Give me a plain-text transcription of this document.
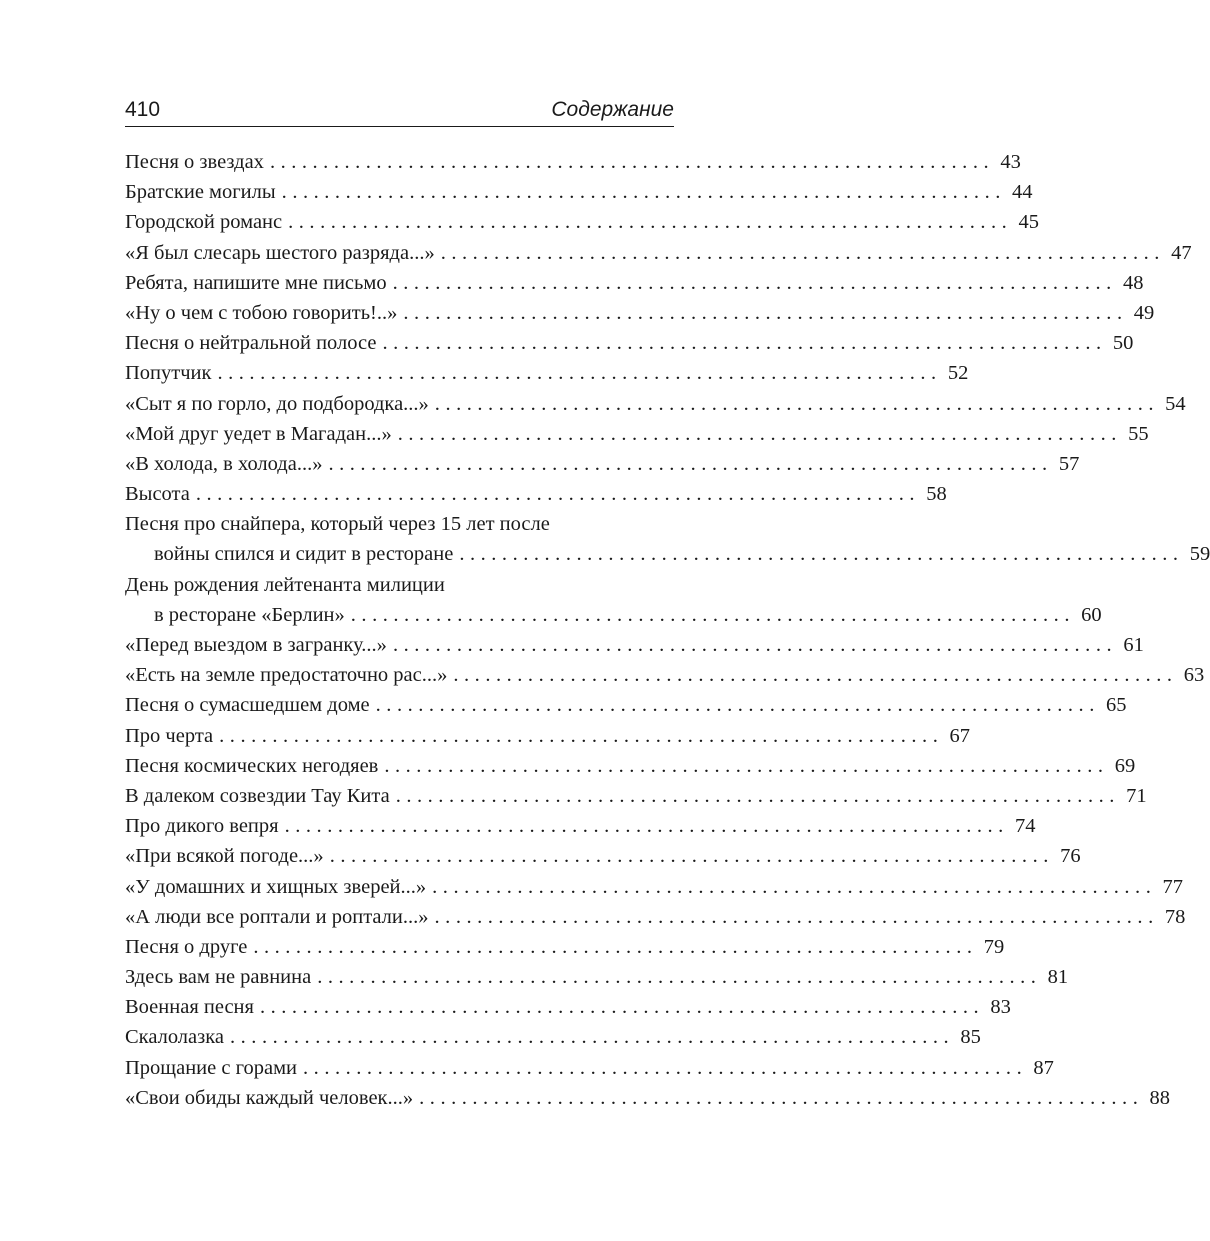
410	Содержание
Песня о звездах . . . . . . . . . . . . . . . . . . . . . . . . . . . . . . . . . . . . . . . . . . . . . . . . . . . . . . . . . . . . . . . . . . . . 43
Братские могилы . . . . . . . . . . . . . . . . . . . . . . . . . . . . . . . . . . . . . . . . . . . . . . . . . . . . . . . . . . . . . . . . . . . . 44
Городской романс . . . . . . . . . . . . . . . . . . . . . . . . . . . . . . . . . . . . . . . . . . . . . . . . . . . . . . . . . . . . . . . . . . . . 45
«Я был слесарь шестого разряда...» . . . . . . . . . . . . . . . . . . . . . . . . . . . . . . . . . . . . . . . . . . . . . . . . . . . . . . . . . . . . . . . . . . . . 47
Ребята, напишите мне письмо . . . . . . . . . . . . . . . . . . . . . . . . . . . . . . . . . . . . . . . . . . . . . . . . . . . . . . . . . . . . . . . . . . . . 48
«Ну о чем с тобою говорить!..» . . . . . . . . . . . . . . . . . . . . . . . . . . . . . . . . . . . . . . . . . . . . . . . . . . . . . . . . . . . . . . . . . . . . 49
Песня о нейтральной полосе . . . . . . . . . . . . . . . . . . . . . . . . . . . . . . . . . . . . . . . . . . . . . . . . . . . . . . . . . . . . . . . . . . . . 50
Попутчик . . . . . . . . . . . . . . . . . . . . . . . . . . . . . . . . . . . . . . . . . . . . . . . . . . . . . . . . . . . . . . . . . . . . 52
«Сыт я по горло, до подбородка...» . . . . . . . . . . . . . . . . . . . . . . . . . . . . . . . . . . . . . . . . . . . . . . . . . . . . . . . . . . . . . . . . . . . . 54
«Мой друг уедет в Магадан...» . . . . . . . . . . . . . . . . . . . . . . . . . . . . . . . . . . . . . . . . . . . . . . . . . . . . . . . . . . . . . . . . . . . . 55
«В холода, в холода...» . . . . . . . . . . . . . . . . . . . . . . . . . . . . . . . . . . . . . . . . . . . . . . . . . . . . . . . . . . . . . . . . . . . . 57
Высота . . . . . . . . . . . . . . . . . . . . . . . . . . . . . . . . . . . . . . . . . . . . . . . . . . . . . . . . . . . . . . . . . . . . 58
Песня про снайпера, который через 15 лет после
войны спился и сидит в ресторане . . . . . . . . . . . . . . . . . . . . . . . . . . . . . . . . . . . . . . . . . . . . . . . . . . . . . . . . . . . . . . . . . . . . 59
День рождения лейтенанта милиции
в ресторане «Берлин» . . . . . . . . . . . . . . . . . . . . . . . . . . . . . . . . . . . . . . . . . . . . . . . . . . . . . . . . . . . . . . . . . . . . 60
«Перед выездом в загранку...» . . . . . . . . . . . . . . . . . . . . . . . . . . . . . . . . . . . . . . . . . . . . . . . . . . . . . . . . . . . . . . . . . . . . 61
«Есть на земле предостаточно рас...» . . . . . . . . . . . . . . . . . . . . . . . . . . . . . . . . . . . . . . . . . . . . . . . . . . . . . . . . . . . . . . . . . . . . 63
Песня о сумасшедшем доме . . . . . . . . . . . . . . . . . . . . . . . . . . . . . . . . . . . . . . . . . . . . . . . . . . . . . . . . . . . . . . . . . . . . 65
Про черта . . . . . . . . . . . . . . . . . . . . . . . . . . . . . . . . . . . . . . . . . . . . . . . . . . . . . . . . . . . . . . . . . . . . 67
Песня космических негодяев . . . . . . . . . . . . . . . . . . . . . . . . . . . . . . . . . . . . . . . . . . . . . . . . . . . . . . . . . . . . . . . . . . . . 69
В далеком созвездии Тау Кита . . . . . . . . . . . . . . . . . . . . . . . . . . . . . . . . . . . . . . . . . . . . . . . . . . . . . . . . . . . . . . . . . . . . 71
Про дикого вепря . . . . . . . . . . . . . . . . . . . . . . . . . . . . . . . . . . . . . . . . . . . . . . . . . . . . . . . . . . . . . . . . . . . . 74
«При всякой погоде...» . . . . . . . . . . . . . . . . . . . . . . . . . . . . . . . . . . . . . . . . . . . . . . . . . . . . . . . . . . . . . . . . . . . . 76
«У домашних и хищных зверей...» . . . . . . . . . . . . . . . . . . . . . . . . . . . . . . . . . . . . . . . . . . . . . . . . . . . . . . . . . . . . . . . . . . . . 77
«А люди все роптали и роптали...» . . . . . . . . . . . . . . . . . . . . . . . . . . . . . . . . . . . . . . . . . . . . . . . . . . . . . . . . . . . . . . . . . . . . 78
Песня о друге . . . . . . . . . . . . . . . . . . . . . . . . . . . . . . . . . . . . . . . . . . . . . . . . . . . . . . . . . . . . . . . . . . . . 79
Здесь вам не равнина . . . . . . . . . . . . . . . . . . . . . . . . . . . . . . . . . . . . . . . . . . . . . . . . . . . . . . . . . . . . . . . . . . . . 81
Военная песня . . . . . . . . . . . . . . . . . . . . . . . . . . . . . . . . . . . . . . . . . . . . . . . . . . . . . . . . . . . . . . . . . . . . 83
Скалолазка . . . . . . . . . . . . . . . . . . . . . . . . . . . . . . . . . . . . . . . . . . . . . . . . . . . . . . . . . . . . . . . . . . . . 85
Прощание с горами . . . . . . . . . . . . . . . . . . . . . . . . . . . . . . . . . . . . . . . . . . . . . . . . . . . . . . . . . . . . . . . . . . . . 87
«Свои обиды каждый человек...» . . . . . . . . . . . . . . . . . . . . . . . . . . . . . . . . . . . . . . . . . . . . . . . . . . . . . . . . . . . . . . . . . . . . 88
